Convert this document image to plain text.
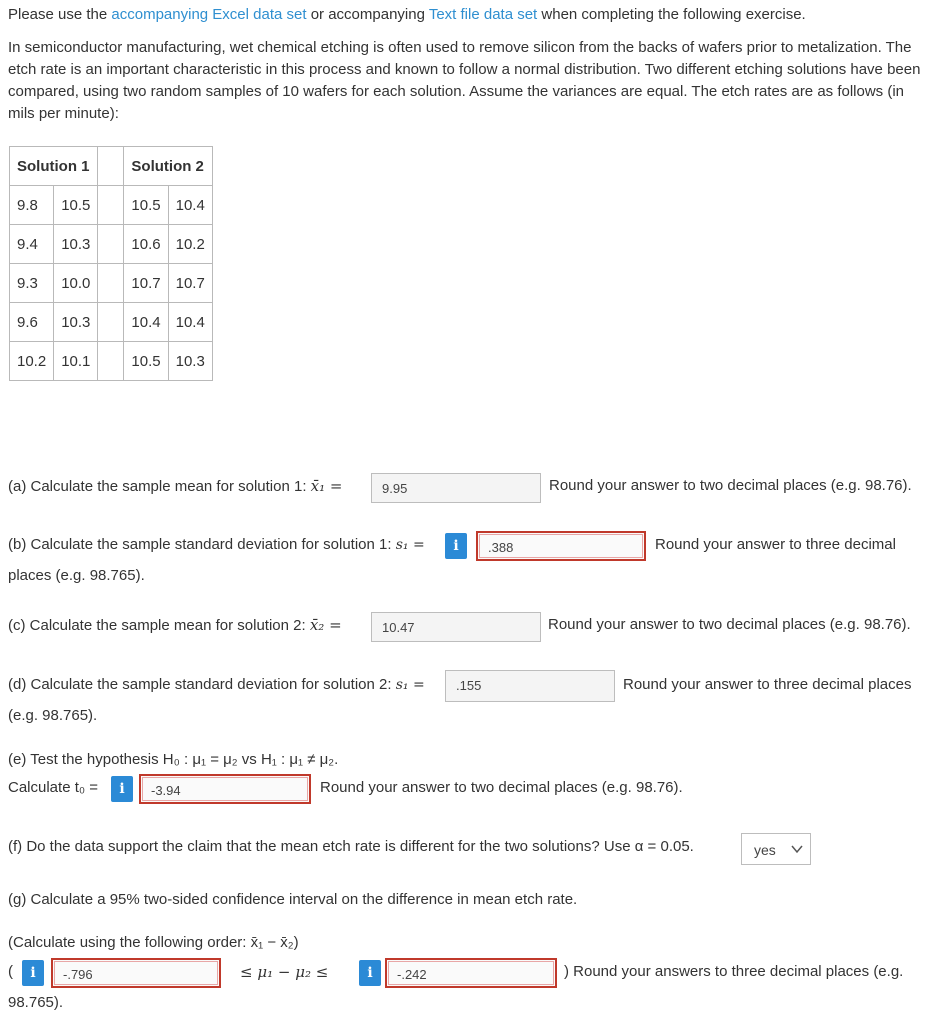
Please use the accompanying Excel data set or accompanying Text file data set when completing the following exercise.
In semiconductor manufacturing, wet chemical etching is often used to remove silicon from the backs of wafers prior to metalization. The etch rate is an important characteristic in this process and known to follow a normal distribution. Two different etching solutions have been compared, using two random samples of 10 wafers for each solution. Assume the variances are equal. The etch rates are as follows (in mils per minute):
Solution 1			Solution 2	
9.8	10.5		10.5	10.4
9.4	10.3		10.6	10.2
9.3	10.0		10.7	10.7
9.6	10.3		10.4	10.4
10.2	10.1		10.5	10.3
(a) Calculate the sample mean for solution 1: x̄₁ =	9.95	Round your answer to two decimal places (e.g. 98.76).
(b) Calculate the sample standard deviation for solution 1: s₁ =	i	.388	Round your answer to three decimal
places (e.g. 98.765).
(c) Calculate the sample mean for solution 2: x̄₂ =	10.47	Round your answer to two decimal places (e.g. 98.76).
(d) Calculate the sample standard deviation for solution 2: s₁ =	.155	Round your answer to three decimal places
(e.g. 98.765).
(e) Test the hypothesis H₀ : μ₁ = μ₂ vs H₁ : μ₁ ≠ μ₂.
Calculate t₀ =	i	-3.94	Round your answer to two decimal places (e.g. 98.76).
(f) Do the data support the claim that the mean etch rate is different for the two solutions? Use α = 0.05.	yes
(g) Calculate a 95% two-sided confidence interval on the difference in mean etch rate.
(Calculate using the following order: x̄₁ − x̄₂)
(	i	-.796	≤ μ₁ − μ₂ ≤	i	-.242	) Round your answers to three decimal places (e.g.
98.765).
